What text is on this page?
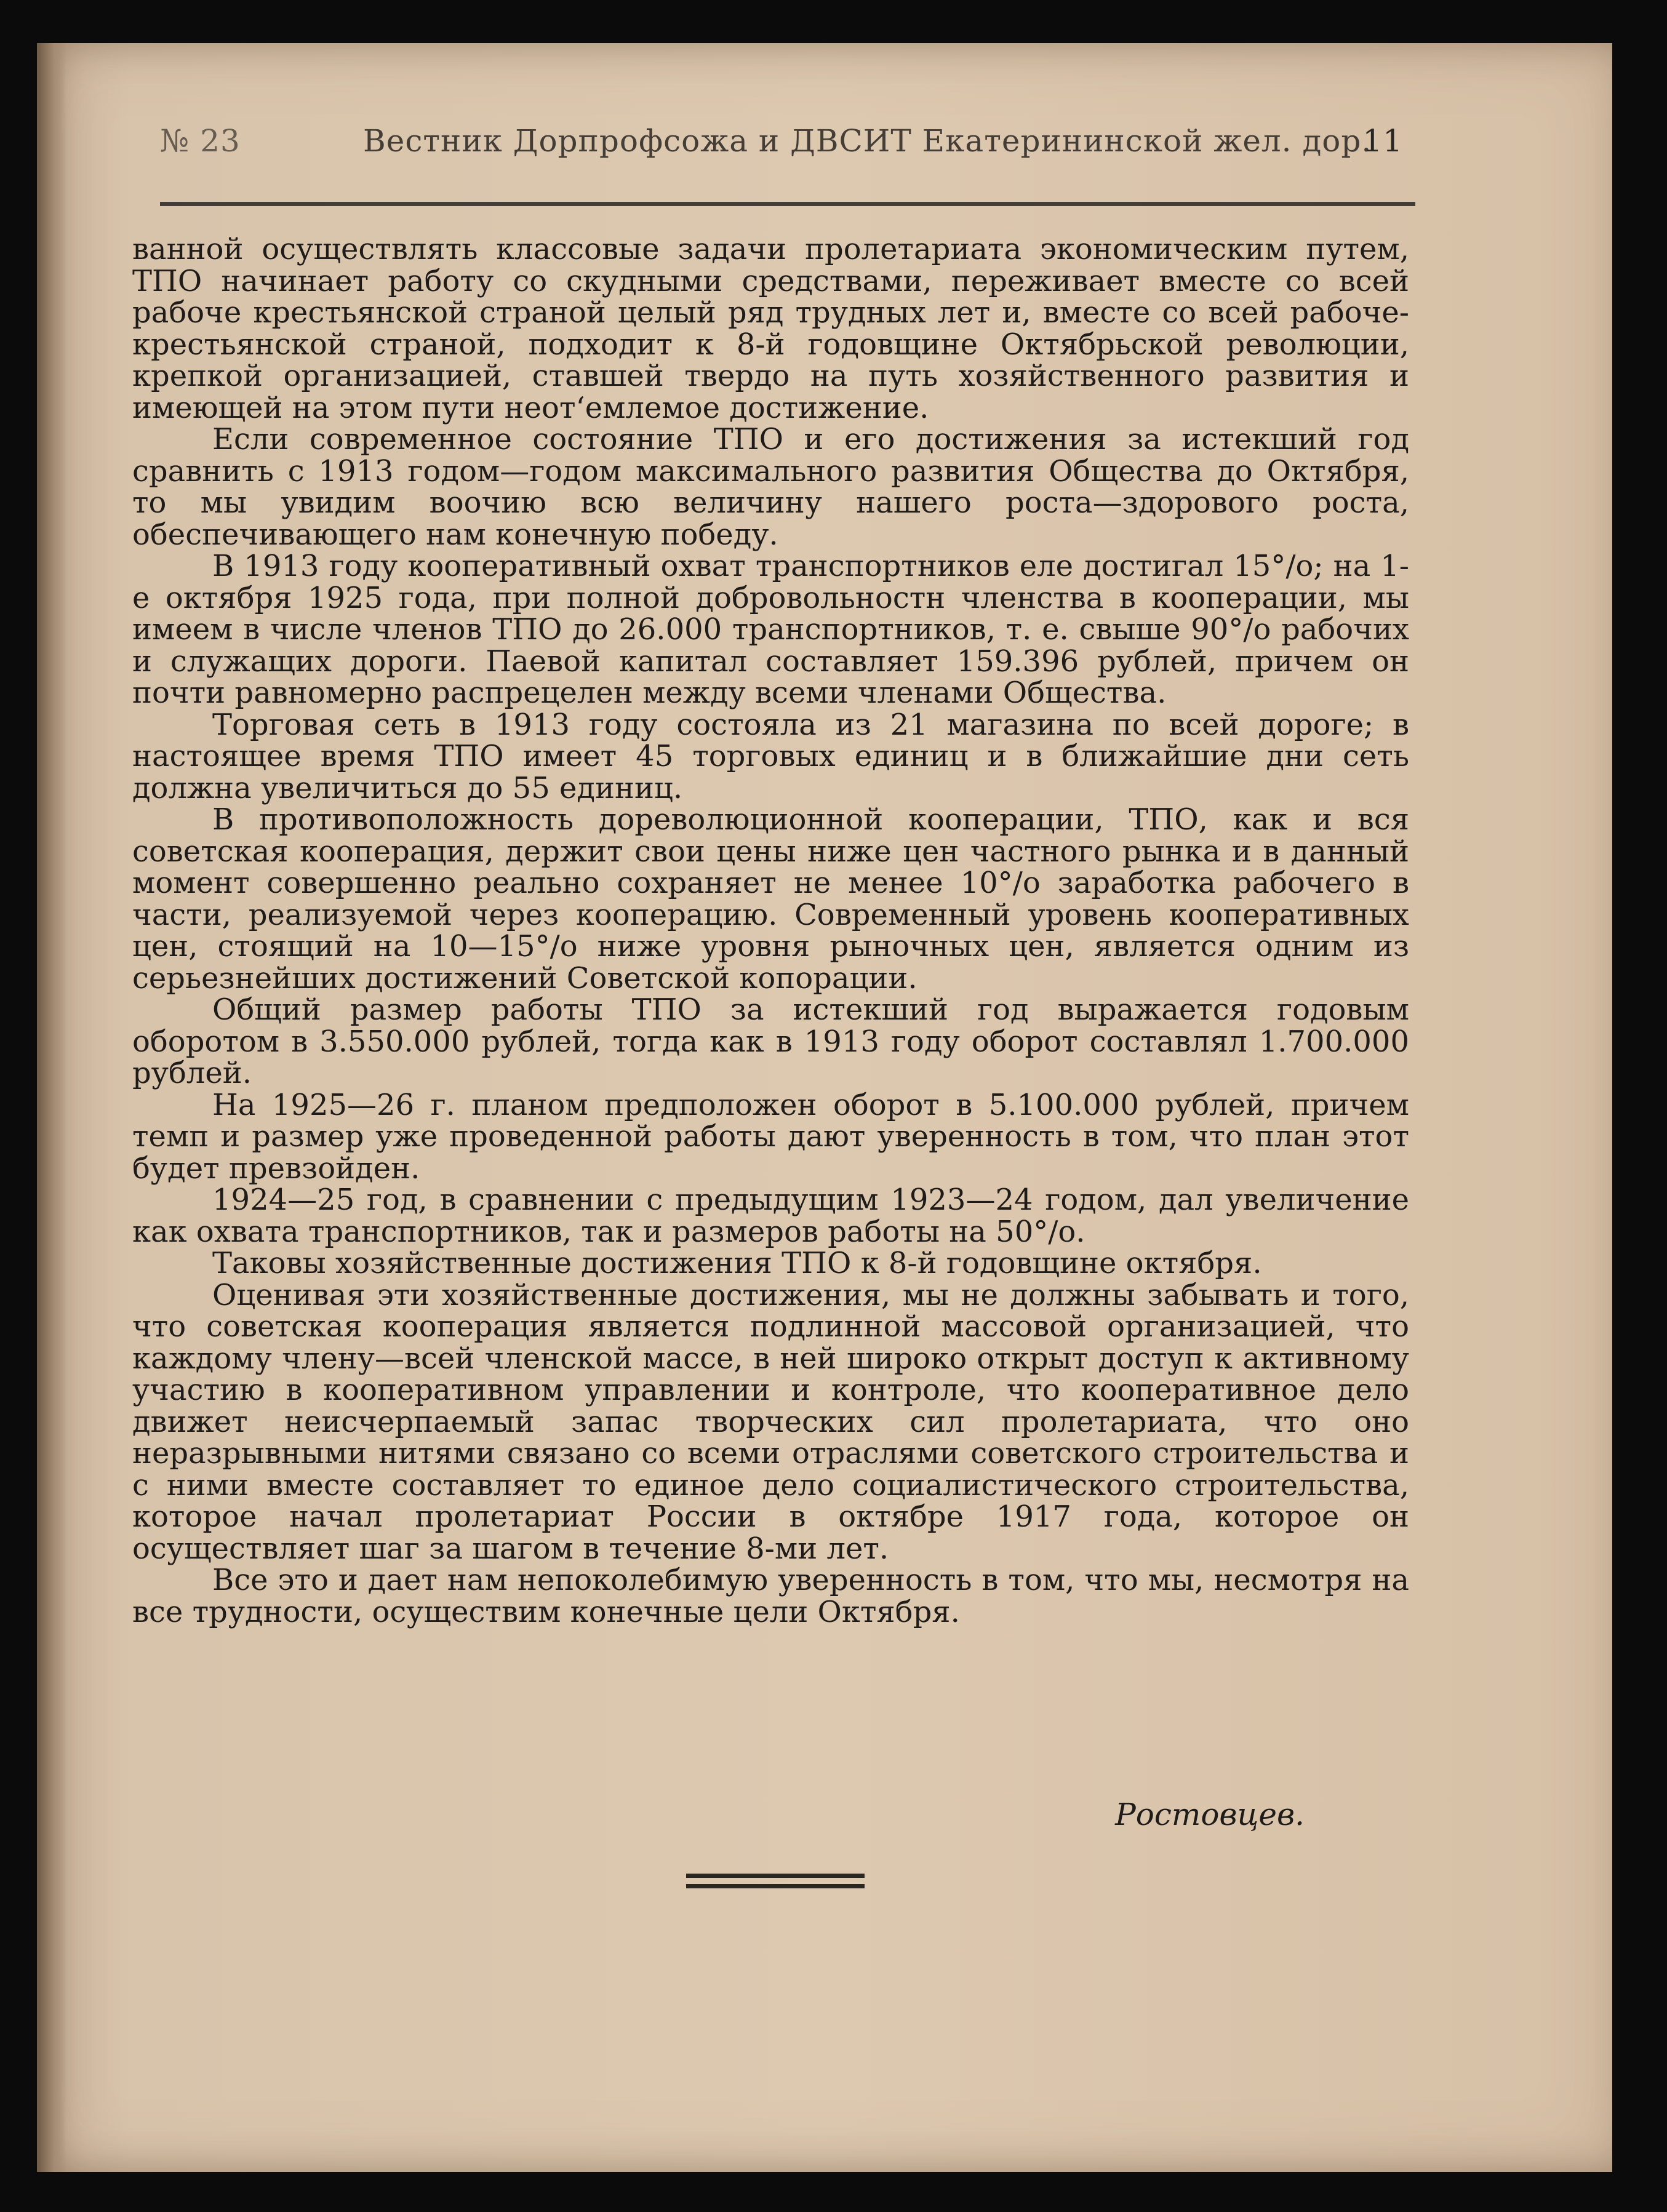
№ 23	Вестник Дорпрофсожа и ДВСИТ Екатерининской жел. дор.
11

ванной осуществлять классовые задачи пролетариата экономическим путем, ТПО начинает работу со скудными средствами, переживает вместе со всей рабоче крестьянской страной целый ряд трудных лет и, вместе со всей рабоче-крестьянской страной, подходит к 8-й годовщине Октябрьской революции, крепкой организацией, ставшей твердо на путь хозяйственного развития и имеющей на этом пути неот‘емлемое достижение.

Если современное состояние ТПО и его достижения за истекший год сравнить с 1913 годом—годом максимального развития Общества до Октября, то мы увидим воочию всю величину нашего роста—здорового роста, обеспечивающего нам конечную победу.

В 1913 году кооперативный охват транспортников еле достигал 15°/о; на 1-е октября 1925 года, при полной добровольностн членства в кооперации, мы имеем в числе членов ТПО до 26.000 транспортников, т. е. свыше 90°/о рабочих и служащих дороги. Паевой капитал составляет 159.396 рублей, причем он почти равномерно распрецелен между всеми членами Общества.

Торговая сеть в 1913 году состояла из 21 магазина по всей дороге; в настоящее время ТПО имеет 45 торговых единиц и в ближайшие дни сеть должна увеличиться до 55 единиц.

В противоположность дореволюционной кооперации, ТПО, как и вся советская кооперация, держит свои цены ниже цен частного рынка и в данный момент совершенно реально сохраняет не менее 10°/о заработка рабочего в части, реализуемой через кооперацию. Современный уровень кооперативных цен, стоящий на 10—15°/о ниже уровня рыночных цен, является одним из серьезнейших достижений Советской копорации.

Общий размер работы ТПО за истекший год выражается годовым оборотом в 3.550.000 рублей, тогда как в 1913 году оборот составлял 1.700.000 рублей.

На 1925—26 г. планом предположен оборот в 5.100.000 рублей, причем темп и размер уже проведенной работы дают уверенность в том, что план этот будет превзойден.

1924—25 год, в сравнении с предыдущим 1923—24 годом, дал увеличение как охвата транспортников, так и размеров работы на 50°/о.

Таковы хозяйственные достижения ТПО к 8-й годовщине октября.

Оценивая эти хозяйственные достижения, мы не должны забывать и того, что советская кооперация является подлинной массовой организацией, что каждому члену—всей членской массе, в ней широко открыт доступ к активному участию в кооперативном управлении и контроле, что кооперативное дело движет неисчерпаемый запас творческих сил пролетариата, что оно неразрывными нитями связано со всеми отраслями советского строительства и с ними вместе составляет то единое дело социалистического строительства, которое начал пролетариат России в октябре 1917 года, которое он осуществляет шаг за шагом в течение 8-ми лет.

Все это и дает нам непоколебимую уверенность в том, что мы, несмотря на все трудности, осуществим конечные цели Октября.

Ростовцев.
